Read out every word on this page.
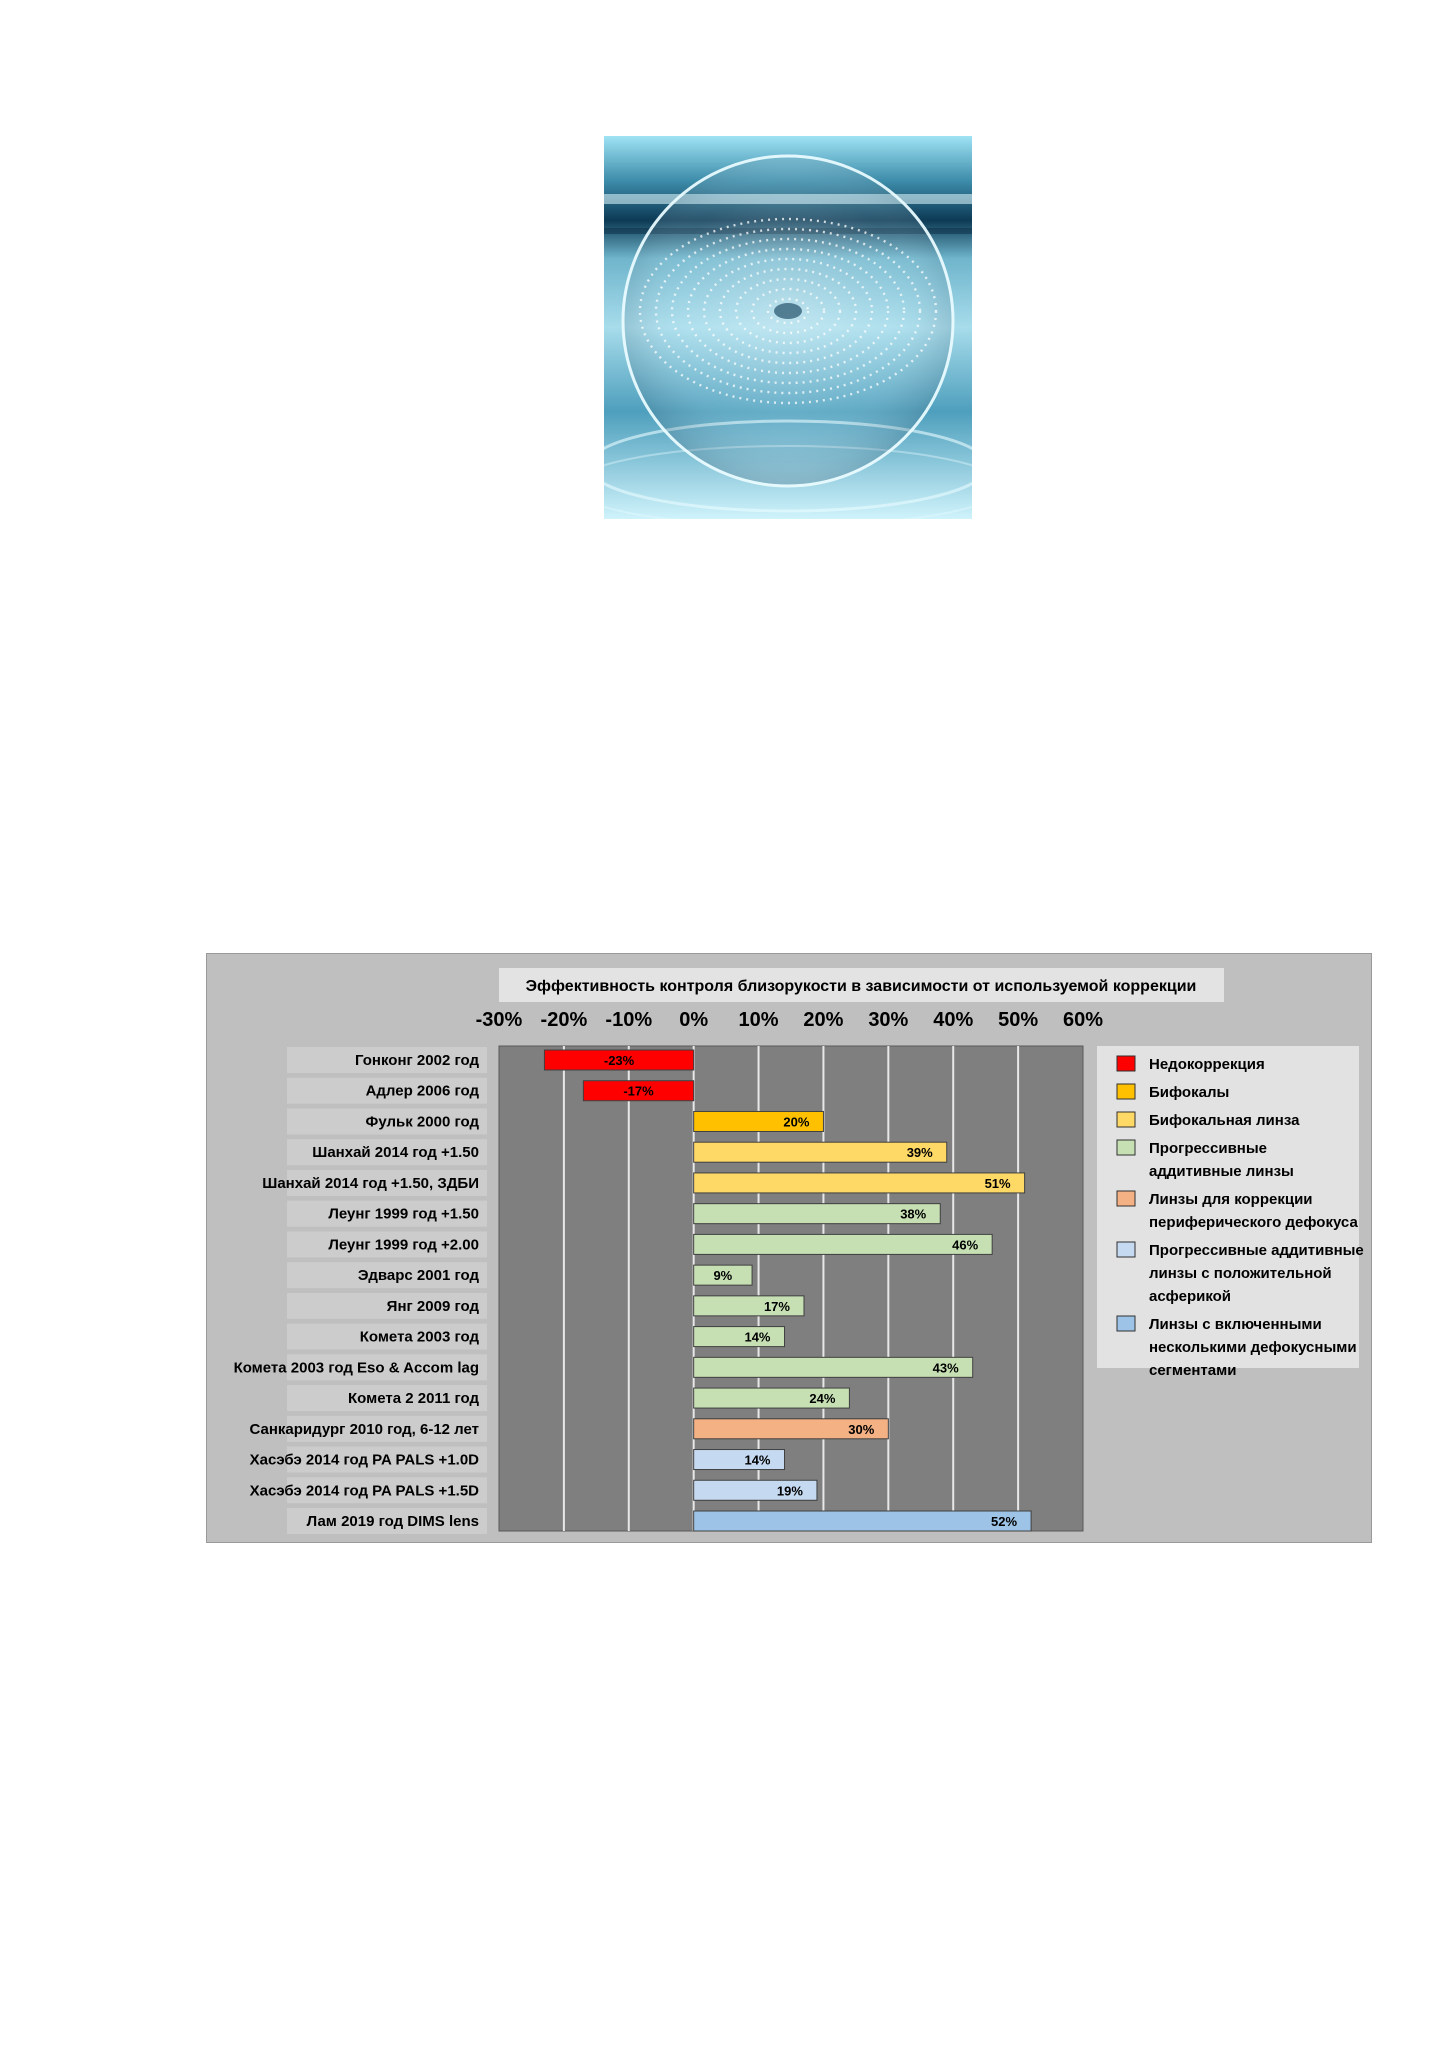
Эффективность контроля близорукости в зависимости от используемой коррекции
-30% -20% -10% 0% 10% 20% 30% 40% 50% 60%
Гонконг 2002 год
Адлер 2006 год
Фульк 2000 год
Шанхай 2014 год +1.50
Шанхай 2014 год +1.50, ЗДБИ
Леунг 1999 год +1.50
Леунг 1999 год +2.00
Эдварс 2001 год
Янг 2009 год
Комета 2003 год
Комета 2003 год Eso & Accom lag
Комета 2 2011 год
Санкаридург 2010 год, 6-12 лет
Хасэбэ 2014 год PA PALS +1.0D
Хасэбэ 2014 год PA PALS +1.5D
Лам 2019 год DIMS lens
-23%
-17%
20%
39%
51%
38%
46%
9%
17%
14%
43%
24%
30%
14%
19%
52%
Недокоррекция
Бифокалы
Бифокальная линза
Прогрессивные
аддитивные линзы
Линзы для коррекции
периферического дефокуса
Прогрессивные аддитивные
линзы с положительной
асферикой
Линзы с включенными
несколькими дефокусными
сегментами
